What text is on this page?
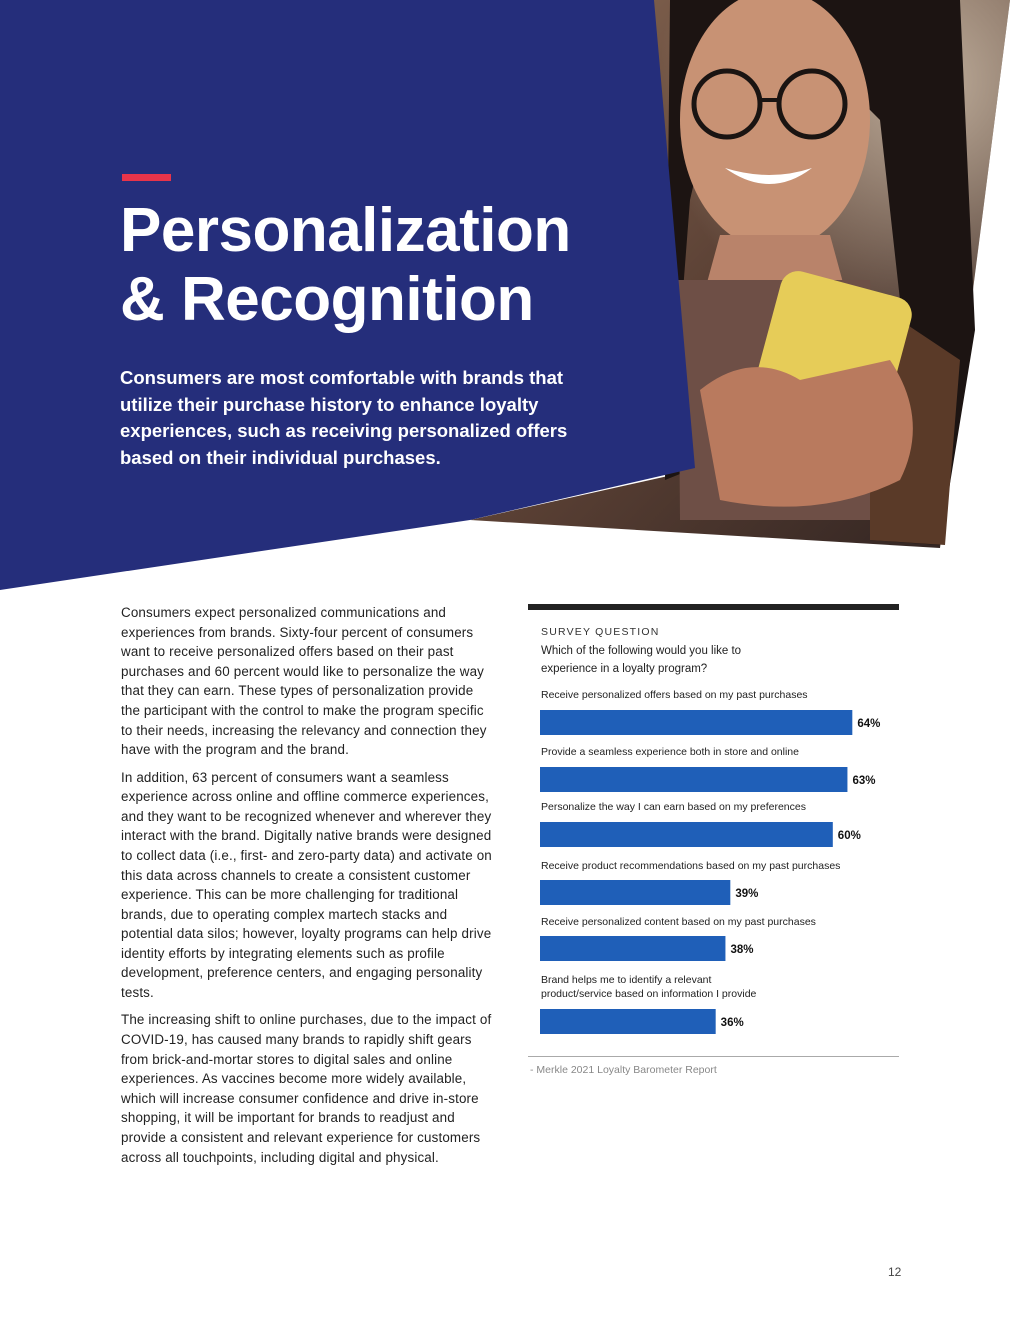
Personalization
& Recognition

Consumers are most comfortable with brands that utilize their purchase history to enhance loyalty experiences, such as receiving personalized offers based on their individual purchases.

Consumers expect personalized communications and experiences from brands. Sixty-four percent of consumers want to receive personalized offers based on their past purchases and 60 percent would like to personalize the way that they can earn. These types of personalization provide the participant with the control to make the program specific to their needs, increasing the relevancy and connection they have with the program and the brand.

In addition, 63 percent of consumers want a seamless experience across online and offline commerce experiences, and they want to be recognized whenever and wherever they interact with the brand. Digitally native brands were designed to collect data (i.e., first- and zero-party data) and activate on this data across channels to create a consistent customer experience. This can be more challenging for traditional brands, due to operating complex martech stacks and potential data silos; however, loyalty programs can help drive identity efforts by integrating elements such as profile development, preference centers, and engaging personality tests.

The increasing shift to online purchases, due to the impact of COVID-19, has caused many brands to rapidly shift gears from brick-and-mortar stores to digital sales and online experiences. As vaccines become more widely available, which will increase consumer confidence and drive in-store shopping, it will be important for brands to readjust and provide a consistent and relevant experience for customers across all touchpoints, including digital and physical.

SURVEY QUESTION
Which of the following would you like to experience in a loyalty program?
Receive personalized offers based on my past purchases
64%
Provide a seamless experience both in store and online
63%
Personalize the way I can earn based on my preferences
60%
Receive product recommendations based on my past purchases
39%
Receive personalized content based on my past purchases
38%
Brand helps me to identify a relevant
product/service based on information I provide
36%
- Merkle 2021 Loyalty Barometer Report
12
